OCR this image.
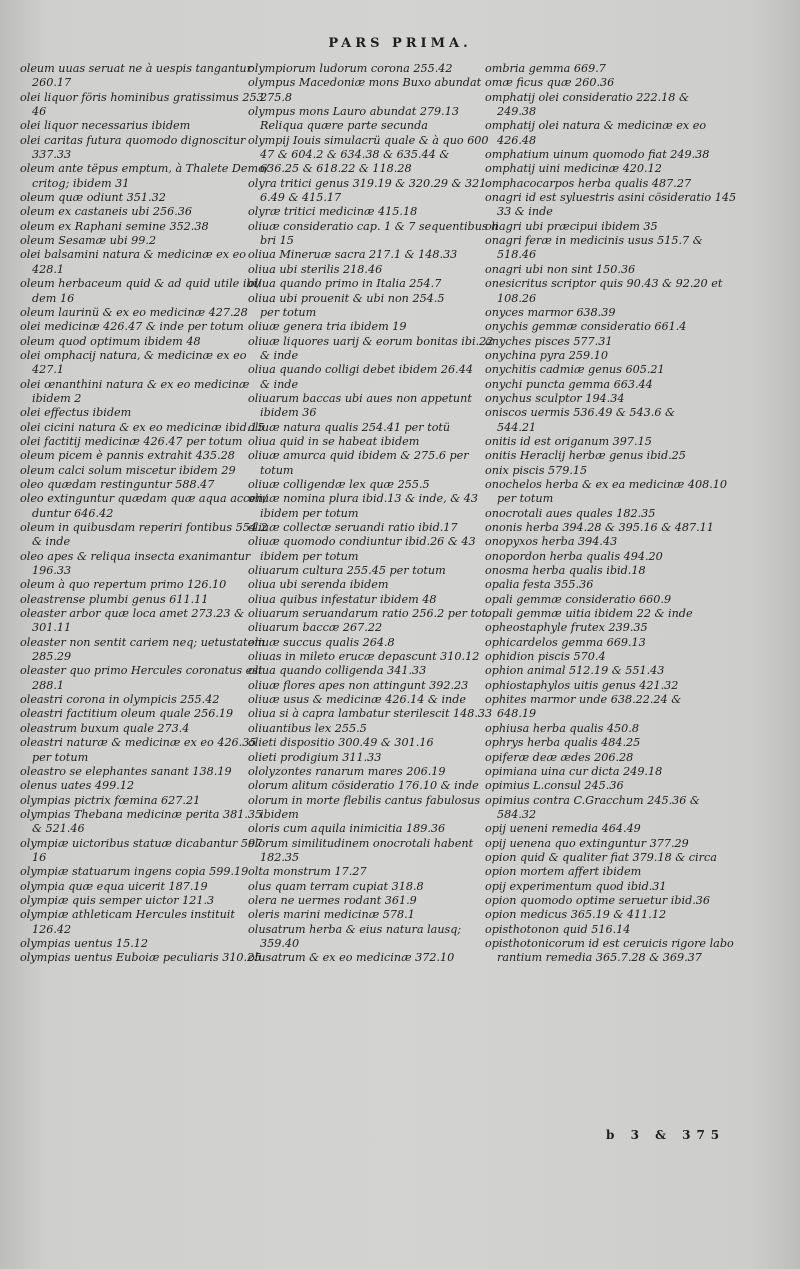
PARS PRIMA.
oleum uuas seruat ne à uespis tangantur
260.17
olei liquor föris hominibus gratissimus 253
46
olei liquor necessarius ibidem
olei caritas futura quomodo dignoscitur
337.33
oleum ante tëpus emptum, à Thalete Demo/
critog; ibidem 31
oleum quæ odiunt 351.32
oleum ex castaneis ubi 256.36
oleum ex Raphani semine 352.38
oleum Sesamæ ubi 99.2
olei balsamini natura & medicinæ ex eo
428.1
oleum herbaceum quid & ad quid utile ibi/
dem 16
oleum laurinü & ex eo medicinæ 427.28
olei medicinæ 426.47 & inde per totum
oleum quod optimum ibidem 48
olei omphacij natura, & medicinæ ex eo
427.1
olei œnanthini natura & ex eo medicinæ
ibidem 2
olei effectus ibidem
olei cicini natura & ex eo medicinæ ibid.15
olei factitij medicinæ 426.47 per totum
oleum picem è pannis extrahit 435.28
oleum calci solum miscetur ibidem 29
oleo quædam restinguntur 588.47
oleo extinguntur quædam quæ aqua accen/
duntur 646.42
oleum in quibusdam reperiri fontibus 554.2
& inde
oleo apes & reliqua insecta exanimantur
196.33
oleum à quo repertum primo 126.10
oleastrense plumbi genus 611.11
oleaster arbor quæ loca amet 273.23 &
301.11
oleaster non sentit cariem neq; uetustatem
285.29
oleaster quo primo Hercules coronatus est
288.1
oleastri corona in olympicis 255.42
oleastri factitium oleum quale 256.19
oleastrum buxum quale 273.4
oleastri naturæ & medicinæ ex eo 426.35
per totum
oleastro se elephantes sanant 138.19
olenus uates 499.12
olympias pictrix fœmina 627.21
olympias Thebana medicinæ perita 381.35
& 521.46
olympiæ uictoribus statuæ dicabantur 597
16
olympiæ statuarum ingens copia 599.19
olympia quæ equa uicerit 187.19
olympiæ quis semper uictor 121.3
olympiæ athleticam Hercules instituit
126.42
olympias uentus 15.12
olympias uentus Euboiæ peculiaris 310.25
olympiorum ludorum corona 255.42
olympus Macedoniæ mons Buxo abundat
275.8
olympus mons Lauro abundat 279.13
Reliqua quære parte secunda
olympij Iouis simulacrü quale & à quo 600
47 & 604.2 & 634.38 & 635.44 &
636.25 & 618.22 & 118.28
olyra tritici genus 319.19 & 320.29 & 321.
6.49 & 415.17
olyræ tritici medicinæ 415.18
oliuæ consideratio cap. 1 & 7 sequentibus li
bri 15
oliua Mineruæ sacra 217.1 & 148.33
oliua ubi sterilis 218.46
oliua quando primo in Italia 254.7
oliua ubi prouenit & ubi non 254.5
per totum
oliuæ genera tria ibidem 19
oliuæ liquores uarij & eorum bonitas ibi.22
& inde
oliua quando colligi debet ibidem 26.44
& inde
oliuarum baccas ubi aues non appetunt
ibidem 36
oliuæ natura qualis 254.41 per totü
oliua quid in se habeat ibidem
oliuæ amurca quid ibidem & 275.6 per
totum
oliuæ colligendæ lex quæ 255.5
oliuæ nomina plura ibid.13 & inde, & 43
ibidem per totum
oliuæ collectæ seruandi ratio ibid.17
oliuæ quomodo condiuntur ibid.26 & 43
ibidem per totum
oliuarum cultura 255.45 per totum
oliua ubi serenda ibidem
oliua quibus infestatur ibidem 48
oliuarum seruandarum ratio 256.2 per tot.
oliuarum baccæ 267.22
oliuæ succus qualis 264.8
oliuas in mileto erucæ depascunt 310.12
oliua quando colligenda 341.33
oliuæ flores apes non attingunt 392.23
oliuæ usus & medicinæ 426.14 & inde
oliua si à capra lambatur sterilescit 148.33
oliuantibus lex 255.5
olieti dispositio 300.49 & 301.16
olieti prodigium 311.33
ololyzontes ranarum mares 206.19
olorum alitum cösideratio 176.10 & inde
olorum in morte flebilis cantus fabulosus
ibidem
oloris cum aquila inimicitia 189.36
olorum similitudinem onocrotali habent
182.35
olta monstrum 17.27
olus quam terram cupiat 318.8
olera ne uermes rodant 361.9
oleris marini medicinæ 578.1
olusatrum herba & eius natura lausq;
359.40
olusatrum & ex eo medicinæ 372.10
ombria gemma 669.7
omæ ficus quæ 260.36
omphatij olei consideratio 222.18 &
249.38
omphatij olei natura & medicinæ ex eo
426.48
omphatium uinum quomodo fiat 249.38
omphatij uini medicinæ 420.12
omphacocarpos herba qualis 487.27
onagri id est syluestris asini cösideratio 145
33 & inde
onagri ubi præcipui ibidem 35
onagri feræ in medicinis usus 515.7 &
518.46
onagri ubi non sint 150.36
onesicritus scriptor quis 90.43 & 92.20 et
108.26
onyces marmor 638.39
onychis gemmæ consideratio 661.4
onyches pisces 577.31
onychina pyra 259.10
onychitis cadmiæ genus 605.21
onychi puncta gemma 663.44
onychus sculptor 194.34
oniscos uermis 536.49 & 543.6 &
544.21
onitis id est origanum 397.15
onitis Heraclij herbæ genus ibid.25
onix piscis 579.15
onochelos herba & ex ea medicinæ 408.10
per totum
onocrotali aues quales 182.35
ononis herba 394.28 & 395.16 & 487.11
onopyxos herba 394.43
onopordon herba qualis 494.20
onosma herba qualis ibid.18
opalia festa 355.36
opali gemmæ consideratio 660.9
opali gemmæ uitia ibidem 22 & inde
opheostaphyle frutex 239.35
ophicardelos gemma 669.13
ophidion piscis 570.4
ophion animal 512.19 & 551.43
ophiostaphylos uitis genus 421.32
ophites marmor unde 638.22.24 &
648.19
ophiusa herba qualis 450.8
ophrys herba qualis 484.25
opiferæ deæ ædes 206.28
opimiana uina cur dicta 249.18
opimius L.consul 245.36
opimius contra C.Gracchum 245.36 &
584.32
opij ueneni remedia 464.49
opij uenena quo extinguntur 377.29
opion quid & qualiter fiat 379.18 & circa
opion mortem affert ibidem
opij experimentum quod ibid.31
opion quomodo optime seruetur ibid.36
opion medicus 365.19 & 411.12
opisthotonon quid 516.14
opisthotonicorum id est ceruicis rigore labo
rantium remedia 365.7.28 & 369.37
b 3 & 375
